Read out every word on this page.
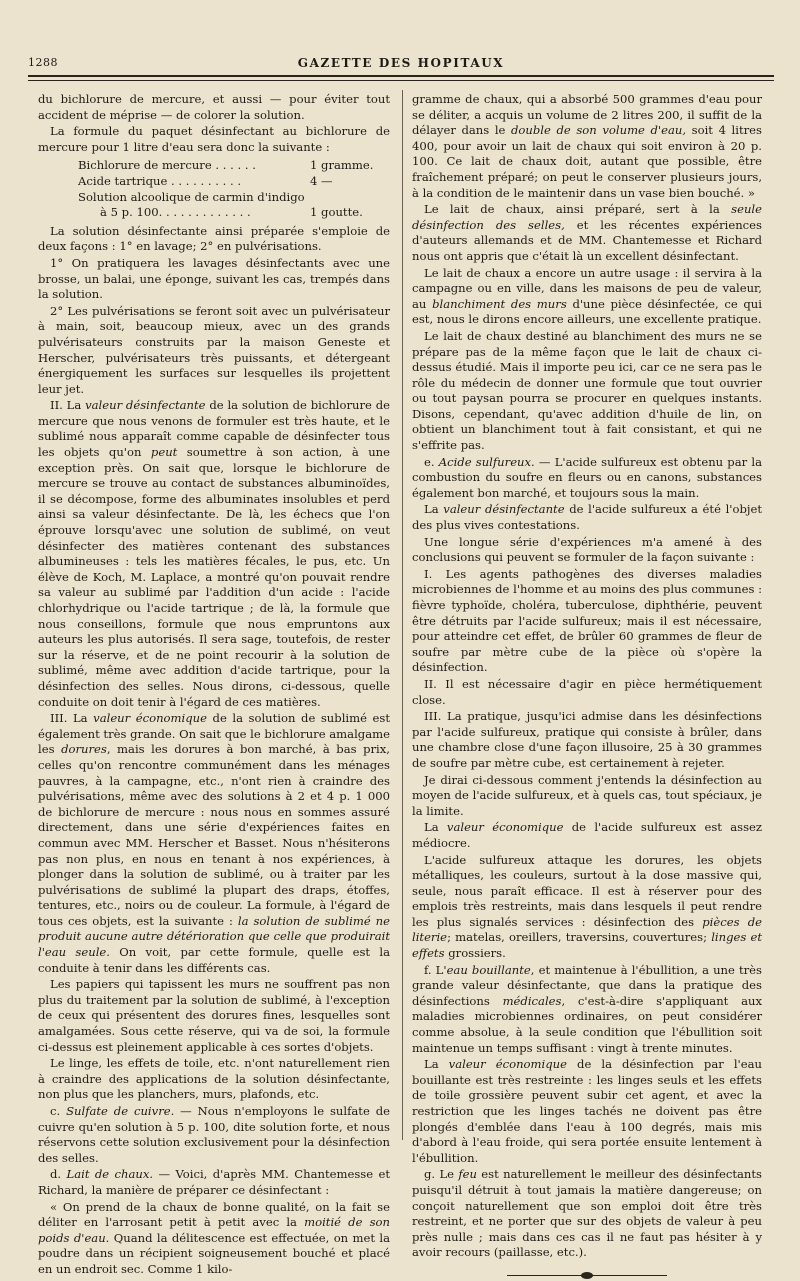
1288	GAZETTE DES HOPITAUX

du bichlorure de mercure, et aussi — pour éviter tout accident de méprise — de colorer la solution.

La formule du paquet désinfectant au bichlorure de mercure pour 1 litre d'eau sera donc la suivante :

Bichlorure de mercure . . . . . .	1 gramme.
Acide tartrique . . . . . . . . . .	4 —
Solution alcoolique de carmin d'indigo
à 5 p. 100. . . . . . . . . . . . .	1 goutte.

La solution désinfectante ainsi préparée s'emploie de deux façons : 1° en lavage; 2° en pulvérisations.

1° On pratiquera les lavages désinfectants avec une brosse, un balai, une éponge, suivant les cas, trempés dans la solution.

2° Les pulvérisations se feront soit avec un pulvérisateur à main, soit, beaucoup mieux, avec un des grands pulvérisateurs construits par la maison Geneste et Herscher, pulvérisateurs très puissants, et détergeant énergiquement les surfaces sur lesquelles ils projettent leur jet.

II. La valeur désinfectante de la solution de bichlorure de mercure que nous venons de formuler est très haute, et le sublimé nous apparaît comme capable de désinfecter tous les objets qu'on peut soumettre à son action, à une exception près. On sait que, lorsque le bichlorure de mercure se trouve au contact de substances albuminoïdes, il se décompose, forme des albuminates insolubles et perd ainsi sa valeur désinfectante. De là, les échecs que l'on éprouve lorsqu'avec une solution de sublimé, on veut désinfecter des matières contenant des substances albumineuses : tels les matières fécales, le pus, etc. Un élève de Koch, M. Laplace, a montré qu'on pouvait rendre sa valeur au sublimé par l'addition d'un acide : l'acide chlorhydrique ou l'acide tartrique ; de là, la formule que nous conseillons, formule que nous empruntons aux auteurs les plus autorisés. Il sera sage, toutefois, de rester sur la réserve, et de ne point recourir à la solution de sublimé, même avec addition d'acide tartrique, pour la désinfection des selles. Nous dirons, ci-dessous, quelle conduite on doit tenir à l'égard de ces matières.

III. La valeur économique de la solution de sublimé est également très grande. On sait que le bichlorure amalgame les dorures, mais les dorures à bon marché, à bas prix, celles qu'on rencontre communément dans les ménages pauvres, à la campagne, etc., n'ont rien à craindre des pulvérisations, même avec des solutions à 2 et 4 p. 1 000 de bichlorure de mercure : nous nous en sommes assuré directement, dans une série d'expériences faites en commun avec MM. Herscher et Basset. Nous n'hésiterons pas non plus, en nous en tenant à nos expériences, à plonger dans la solution de sublimé, ou à traiter par les pulvérisations de sublimé la plupart des draps, étoffes, tentures, etc., noirs ou de couleur. La formule, à l'égard de tous ces objets, est la suivante : la solution de sublimé ne produit aucune autre détérioration que celle que produirait l'eau seule. On voit, par cette formule, quelle est la conduite à tenir dans les différents cas.

Les papiers qui tapissent les murs ne souffrent pas non plus du traitement par la solution de sublimé, à l'exception de ceux qui présentent des dorures fines, lesquelles sont amalgamées. Sous cette réserve, qui va de soi, la formule ci-dessus est pleinement applicable à ces sortes d'objets.

Le linge, les effets de toile, etc. n'ont naturellement rien à craindre des applications de la solution désinfectante, non plus que les planchers, murs, plafonds, etc.

c. Sulfate de cuivre. — Nous n'employons le sulfate de cuivre qu'en solution à 5 p. 100, dite solution forte, et nous réservons cette solution exclusivement pour la désinfection des selles.

d. Lait de chaux. — Voici, d'après MM. Chantemesse et Richard, la manière de préparer ce désinfectant :

« On prend de la chaux de bonne qualité, on la fait se déliter en l'arrosant petit à petit avec la moitié de son poids d'eau. Quand la délitescence est effectuée, on met la poudre dans un récipient soigneusement bouché et placé en un endroit sec. Comme 1 kilo-

gramme de chaux, qui a absorbé 500 grammes d'eau pour se déliter, a acquis un volume de 2 litres 200, il suffit de la délayer dans le double de son volume d'eau, soit 4 litres 400, pour avoir un lait de chaux qui soit environ à 20 p. 100. Ce lait de chaux doit, autant que possible, être fraîchement préparé; on peut le conserver plusieurs jours, à la condition de le maintenir dans un vase bien bouché. »

Le lait de chaux, ainsi préparé, sert à la seule désinfection des selles, et les récentes expériences d'auteurs allemands et de MM. Chantemesse et Richard nous ont appris que c'était là un excellent désinfectant.

Le lait de chaux a encore un autre usage : il servira à la campagne ou en ville, dans les maisons de peu de valeur, au blanchiment des murs d'une pièce désinfectée, ce qui est, nous le dirons encore ailleurs, une excellente pratique.

Le lait de chaux destiné au blanchiment des murs ne se prépare pas de la même façon que le lait de chaux ci-dessus étudié. Mais il importe peu ici, car ce ne sera pas le rôle du médecin de donner une formule que tout ouvrier ou tout paysan pourra se procurer en quelques instants. Disons, cependant, qu'avec addition d'huile de lin, on obtient un blanchiment tout à fait consistant, et qui ne s'effrite pas.

e. Acide sulfureux. — L'acide sulfureux est obtenu par la combustion du soufre en fleurs ou en canons, substances également bon marché, et toujours sous la main.

La valeur désinfectante de l'acide sulfureux a été l'objet des plus vives contestations.

Une longue série d'expériences m'a amené à des conclusions qui peuvent se formuler de la façon suivante :

I. Les agents pathogènes des diverses maladies microbiennes de l'homme et au moins des plus communes : fièvre typhoïde, choléra, tuberculose, diphthérie, peuvent être détruits par l'acide sulfureux; mais il est nécessaire, pour atteindre cet effet, de brûler 60 grammes de fleur de soufre par mètre cube de la pièce où s'opère la désinfection.

II. Il est nécessaire d'agir en pièce hermétiquement close.

III. La pratique, jusqu'ici admise dans les désinfections par l'acide sulfureux, pratique qui consiste à brûler, dans une chambre close d'une façon illusoire, 25 à 30 grammes de soufre par mètre cube, est certainement à rejeter.

Je dirai ci-dessous comment j'entends la désinfection au moyen de l'acide sulfureux, et à quels cas, tout spéciaux, je la limite.

La valeur économique de l'acide sulfureux est assez médiocre.

L'acide sulfureux attaque les dorures, les objets métalliques, les couleurs, surtout à la dose massive qui, seule, nous paraît efficace. Il est à réserver pour des emplois très restreints, mais dans lesquels il peut rendre les plus signalés services : désinfection des pièces de literie; matelas, oreillers, traversins, couvertures; linges et effets grossiers.

f. L'eau bouillante, et maintenue à l'ébullition, a une très grande valeur désinfectante, que dans la pratique des désinfections médicales, c'est-à-dire s'appliquant aux maladies microbiennes ordinaires, on peut considérer comme absolue, à la seule condition que l'ébullition soit maintenue un temps suffisant : vingt à trente minutes.

La valeur économique de la désinfection par l'eau bouillante est très restreinte : les linges seuls et les effets de toile grossière peuvent subir cet agent, et avec la restriction que les linges tachés ne doivent pas être plongés d'emblée dans l'eau à 100 degrés, mais mis d'abord à l'eau froide, qui sera portée ensuite lentement à l'ébullition.

g. Le feu est naturellement le meilleur des désinfectants puisqu'il détruit à tout jamais la matière dangereuse; on conçoit naturellement que son emploi doit être très restreint, et ne porter que sur des objets de valeur à peu près nulle ; mais dans ces cas il ne faut pas hésiter à y avoir recours (paillasse, etc.).
